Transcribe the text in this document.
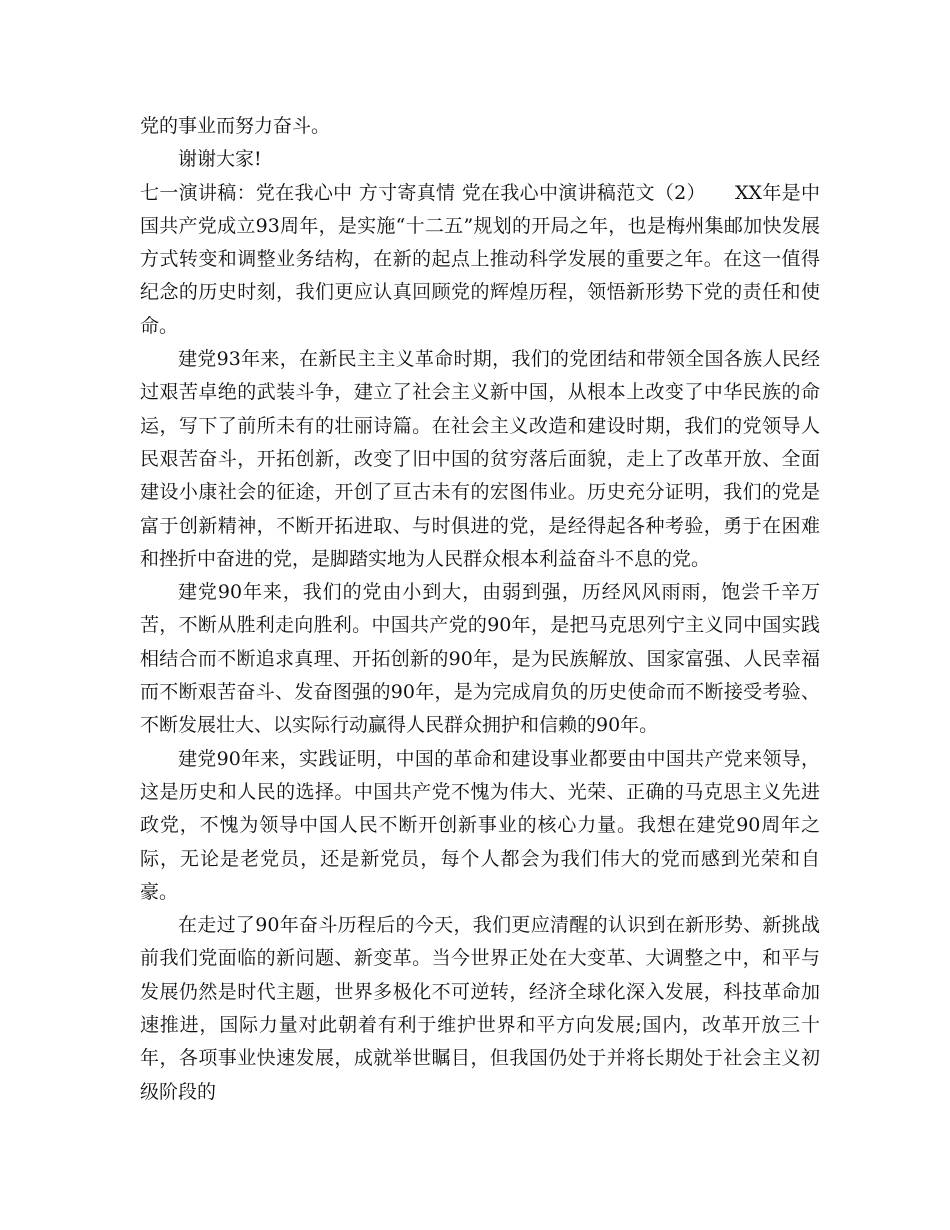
党的事业而努力奋斗。

谢谢大家!

七一演讲稿：党在我心中 方寸寄真情 党在我心中演讲稿范文（2）　　XX年是中国共产党成立93周年，是实施“十二五”规划的开局之年，也是梅州集邮加快发展方式转变和调整业务结构，在新的起点上推动科学发展的重要之年。在这一值得纪念的历史时刻，我们更应认真回顾党的辉煌历程，领悟新形势下党的责任和使命。

建党93年来，在新民主主义革命时期，我们的党团结和带领全国各族人民经过艰苦卓绝的武装斗争，建立了社会主义新中国，从根本上改变了中华民族的命运，写下了前所未有的壮丽诗篇。在社会主义改造和建设时期，我们的党领导人民艰苦奋斗，开拓创新，改变了旧中国的贫穷落后面貌，走上了改革开放、全面建设小康社会的征途，开创了亘古未有的宏图伟业。历史充分证明，我们的党是富于创新精神，不断开拓进取、与时俱进的党，是经得起各种考验，勇于在困难和挫折中奋进的党，是脚踏实地为人民群众根本利益奋斗不息的党。

建党90年来，我们的党由小到大，由弱到强，历经风风雨雨，饱尝千辛万苦，不断从胜利走向胜利。中国共产党的90年，是把马克思列宁主义同中国实践相结合而不断追求真理、开拓创新的90年，是为民族解放、国家富强、人民幸福而不断艰苦奋斗、发奋图强的90年，是为完成肩负的历史使命而不断接受考验、不断发展壮大、以实际行动赢得人民群众拥护和信赖的90年。

建党90年来，实践证明，中国的革命和建设事业都要由中国共产党来领导，这是历史和人民的选择。中国共产党不愧为伟大、光荣、正确的马克思主义先进政党，不愧为领导中国人民不断开创新事业的核心力量。我想在建党90周年之际，无论是老党员，还是新党员，每个人都会为我们伟大的党而感到光荣和自豪。

在走过了90年奋斗历程后的今天，我们更应清醒的认识到在新形势、新挑战前我们党面临的新问题、新变革。当今世界正处在大变革、大调整之中，和平与发展仍然是时代主题，世界多极化不可逆转，经济全球化深入发展，科技革命加速推进，国际力量对此朝着有利于维护世界和平方向发展;国内，改革开放三十年，各项事业快速发展，成就举世瞩目，但我国仍处于并将长期处于社会主义初级阶段的
